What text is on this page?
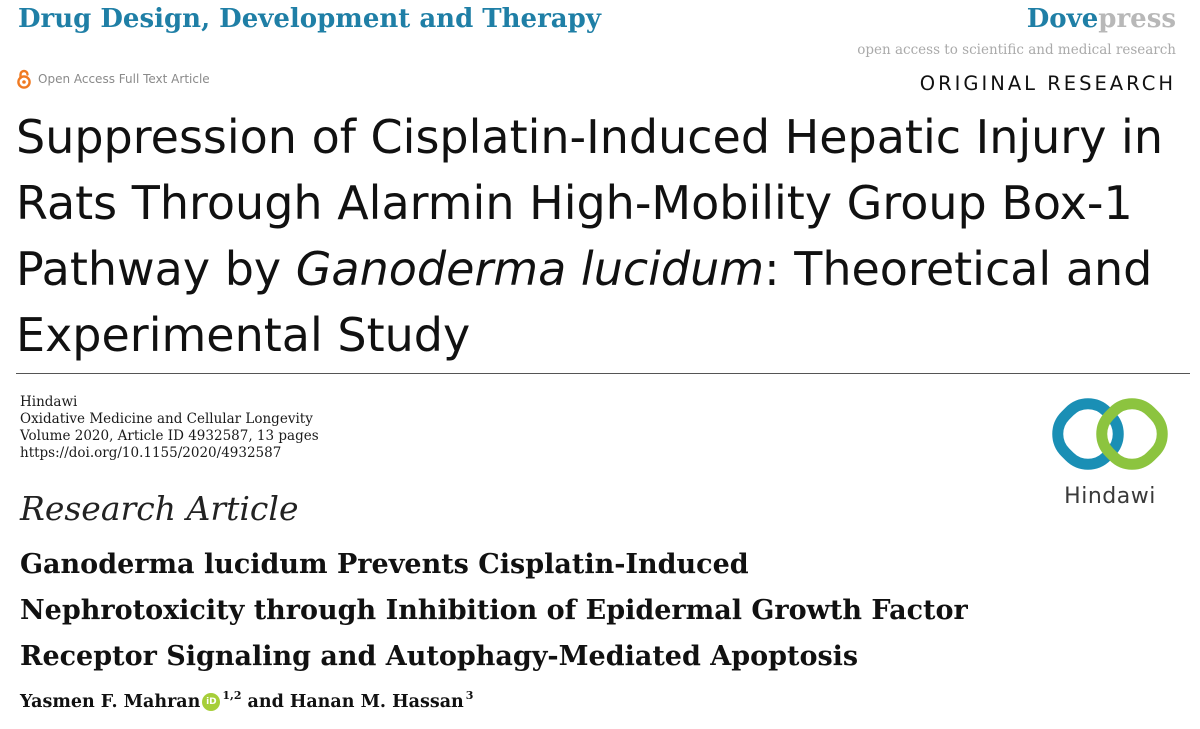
Drug Design, Development and Therapy	Dovepress
open access to scientific and medical research
Open Access Full Text Article	ORIGINAL RESEARCH
Suppression of Cisplatin-Induced Hepatic Injury in Rats Through Alarmin High-Mobility Group Box-1 Pathway by Ganoderma lucidum: Theoretical and Experimental Study
Hindawi
Oxidative Medicine and Cellular Longevity
Volume 2020, Article ID 4932587, 13 pages
https://doi.org/10.1155/2020/4932587
Hindawi
Research Article
Ganoderma lucidum Prevents Cisplatin-Induced
Nephrotoxicity through Inhibition of Epidermal Growth Factor
Receptor Signaling and Autophagy-Mediated Apoptosis
Yasmen F. Mahran iD
$^{1,2}$ and Hanan M. Hassan$^3$
